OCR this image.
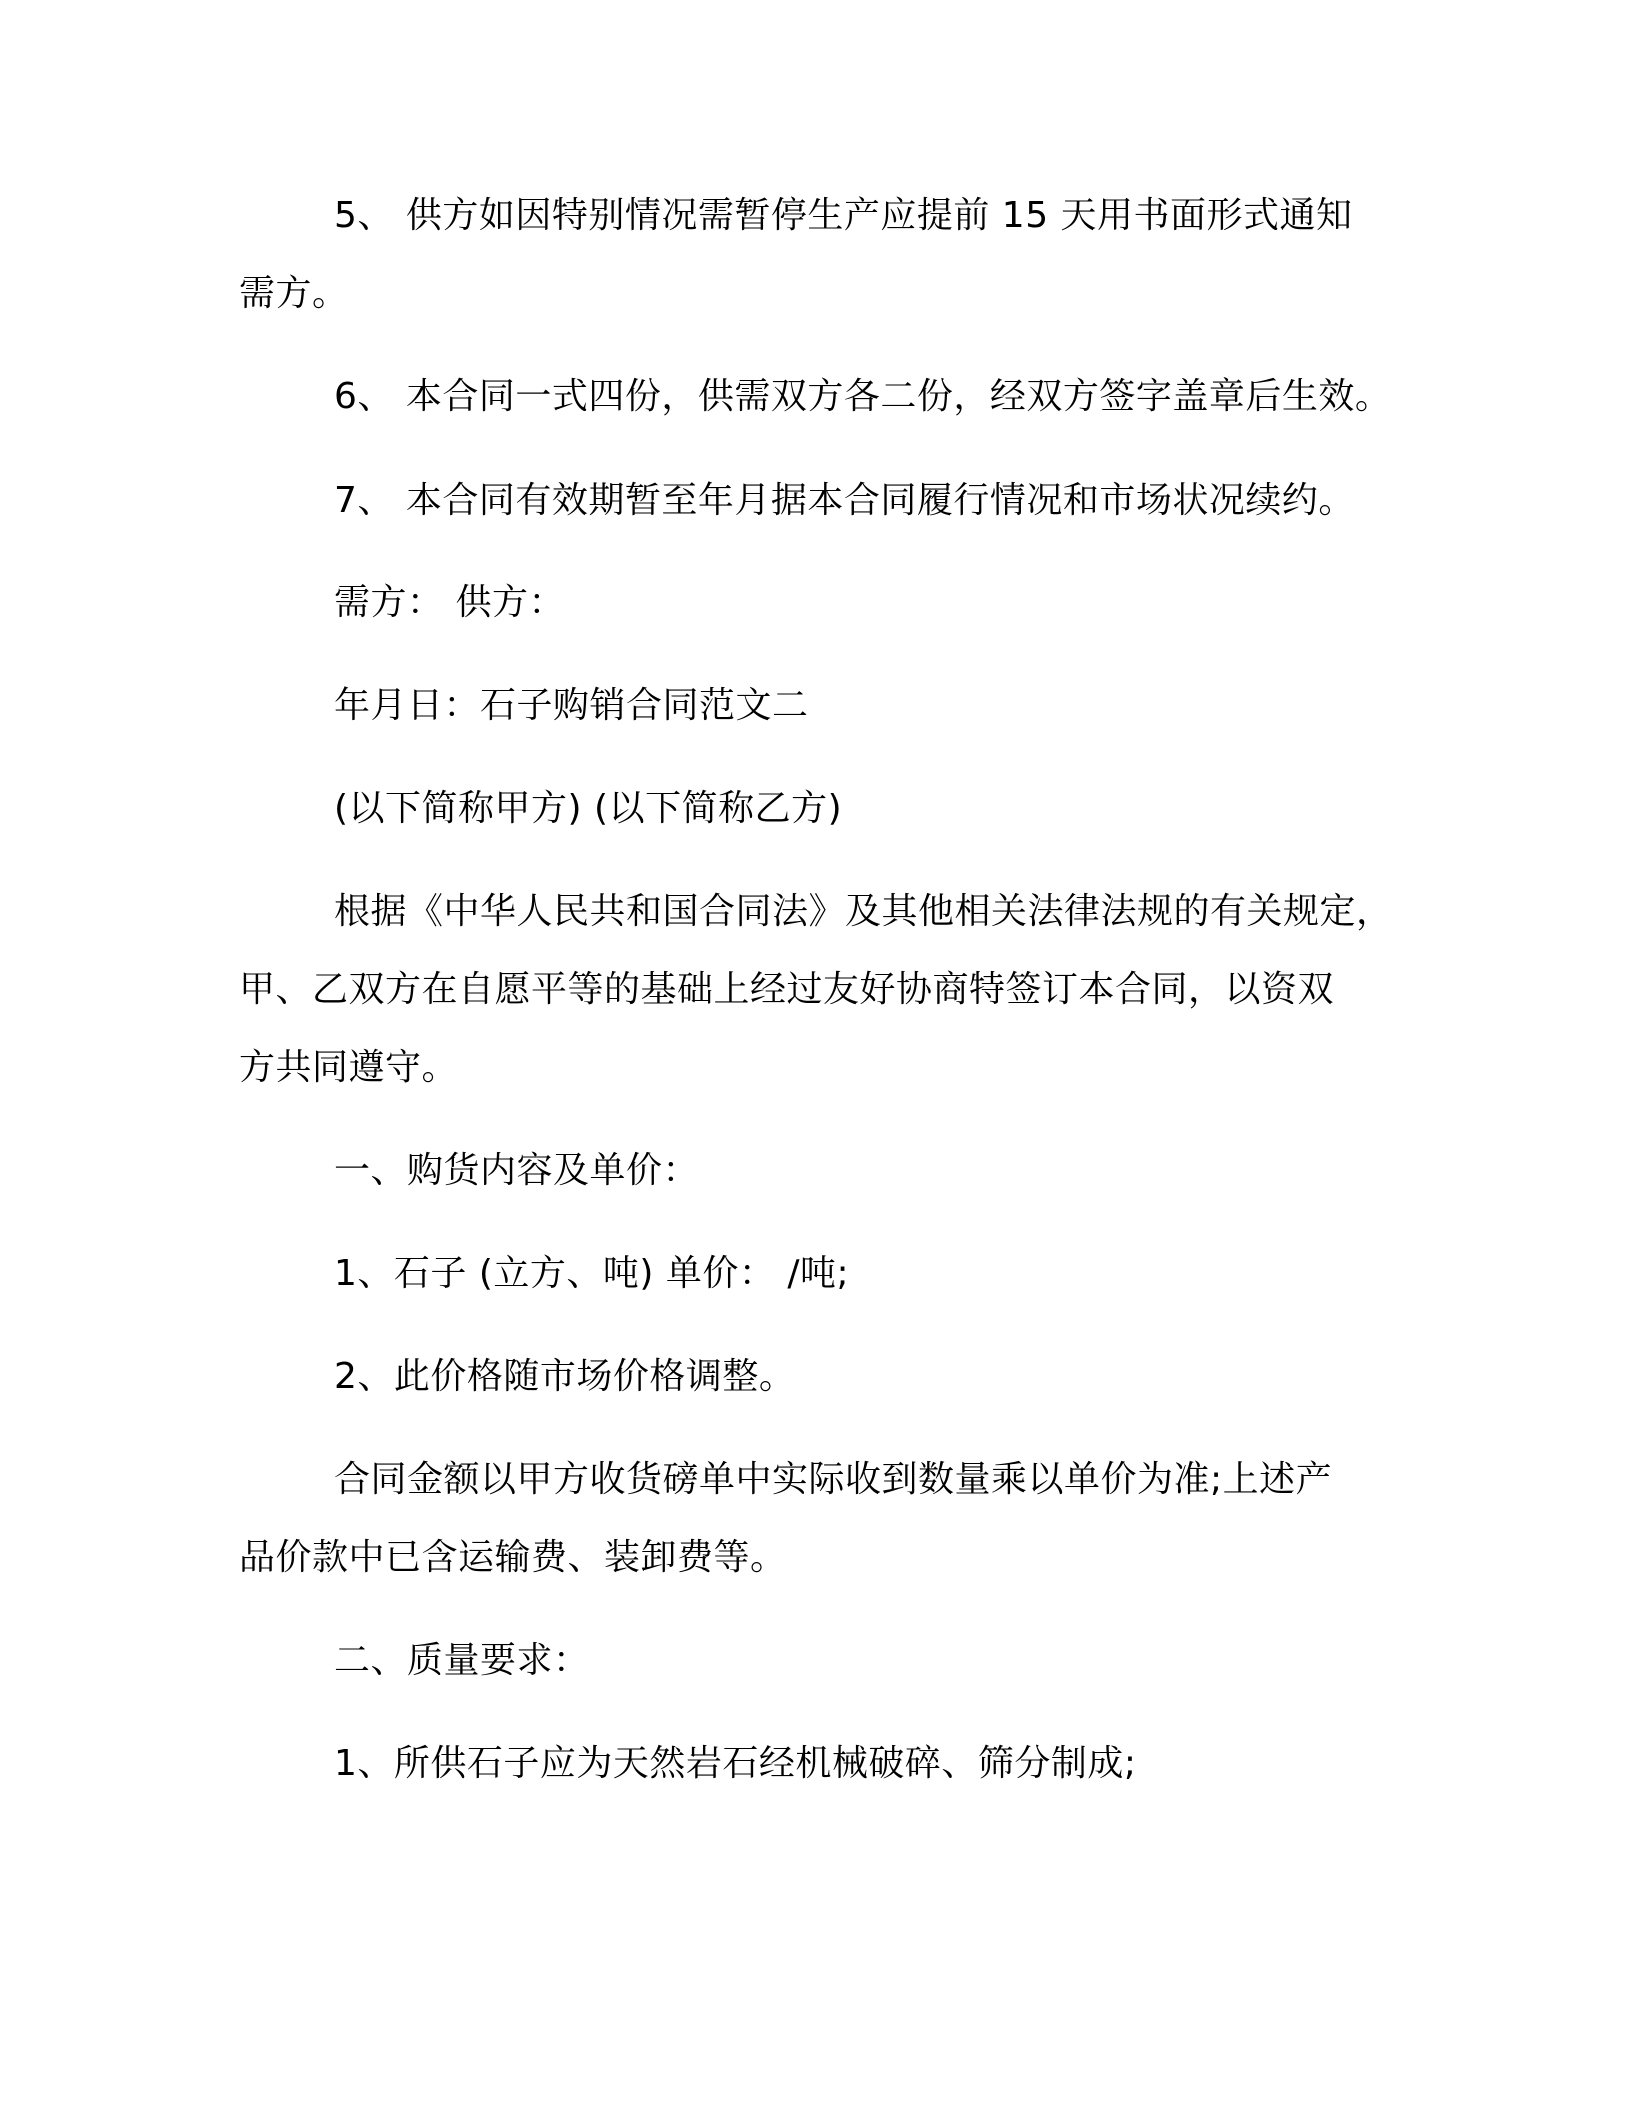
5、 供方如因特别情况需暂停生产应提前 15 天用书面形式通知
需方。
6、 本合同一式四份，供需双方各二份，经双方签字盖章后生效。
7、 本合同有效期暂至年月据本合同履行情况和市场状况续约。
需方： 供方：
年月日：石子购销合同范文二
(以下简称甲方) (以下简称乙方)
根据《中华人民共和国合同法》及其他相关法律法规的有关规定，
甲、乙双方在自愿平等的基础上经过友好协商特签订本合同，以资双
方共同遵守。
一、购货内容及单价：
1、石子 (立方、吨) 单价： /吨;
2、此价格随市场价格调整。
合同金额以甲方收货磅单中实际收到数量乘以单价为准;上述产
品价款中已含运输费、装卸费等。
二、质量要求：
1、所供石子应为天然岩石经机械破碎、筛分制成;
